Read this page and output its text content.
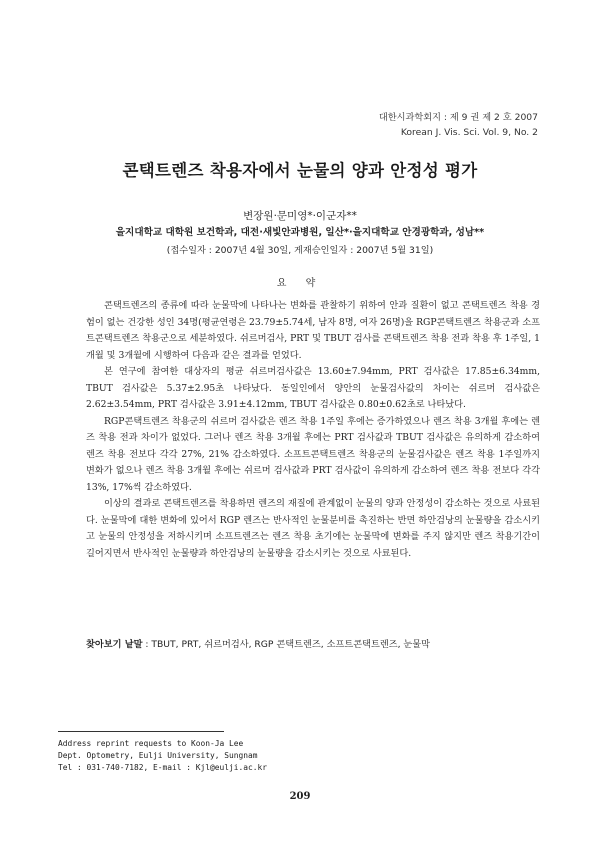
대한시과학회지 : 제 9 권 제 2 호 2007
Korean J. Vis. Sci. Vol. 9, No. 2
콘택트렌즈 착용자에서 눈물의 양과 안정성 평가
변장원·문미영*·이군자**
을지대학교 대학원 보건학과, 대전·새빛안과병원, 일산*·을지대학교 안경광학과, 성남**
(접수일자 : 2007년 4월 30일, 게재승인일자 : 2007년 5월 31일)
요 약

콘택트렌즈의 종류에 따라 눈물막에 나타나는 변화를 관찰하기 위하여 안과 질환이 없고 콘택트렌즈 착용 경험이 없는 건강한 성인 34명(평균연령은 23.79±5.74세, 남자 8명, 여자 26명)을 RGP콘택트렌즈 착용군과 소프트콘택트렌즈 착용군으로 세분하였다. 쉬르머검사, PRT 및 TBUT 검사를 콘택트렌즈 착용 전과 착용 후 1주일, 1개월 및 3개월에 시행하여 다음과 같은 결과를 얻었다.

본 연구에 참여한 대상자의 평균 쉬르머검사값은 13.60±7.94mm, PRT 검사값은 17.85±6.34mm, TBUT 검사값은 5.37±2.95초 나타났다. 동일인에서 양안의 눈물검사값의 차이는 쉬르머 검사값은 2.62±3.54mm, PRT 검사값은 3.91±4.12mm, TBUT 검사값은 0.80±0.62초로 나타났다.

RGP콘택트렌즈 착용군의 쉬르머 검사값은 렌즈 착용 1주일 후에는 증가하였으나 렌즈 착용 3개월 후에는 렌즈 착용 전과 차이가 없었다. 그러나 렌즈 착용 3개월 후에는 PRT 검사값과 TBUT 검사값은 유의하게 감소하여 렌즈 착용 전보다 각각 27%, 21% 감소하였다. 소프트콘택트렌즈 착용군의 눈물검사값은 렌즈 착용 1주일까지 변화가 없으나 렌즈 착용 3개월 후에는 쉬르머 검사값과 PRT 검사값이 유의하게 감소하여 렌즈 착용 전보다 각각 13%, 17%씩 감소하였다.

이상의 결과로 콘택트렌즈를 착용하면 렌즈의 재질에 관계없이 눈물의 양과 안정성이 감소하는 것으로 사료된다. 눈물막에 대한 변화에 있어서 RGP 렌즈는 반사적인 눈물분비를 촉진하는 반면 하안검낭의 눈물량을 감소시키고 눈물의 안정성을 저하시키며 소프트렌즈는 렌즈 착용 초기에는 눈물막에 변화를 주지 않지만 렌즈 착용기간이 길어지면서 반사적인 눈물량과 하안검낭의 눈물량을 감소시키는 것으로 사료된다.

찾아보기 낱말 : TBUT, PRT, 쉬르머검사, RGP 콘택트렌즈, 소프트콘택트렌즈, 눈물막
Address reprint requests to Koon-Ja Lee
Dept. Optometry, Eulji University, Sungnam
Tel : 031-740-7182, E-mail : Kjl@eulji.ac.kr
209
